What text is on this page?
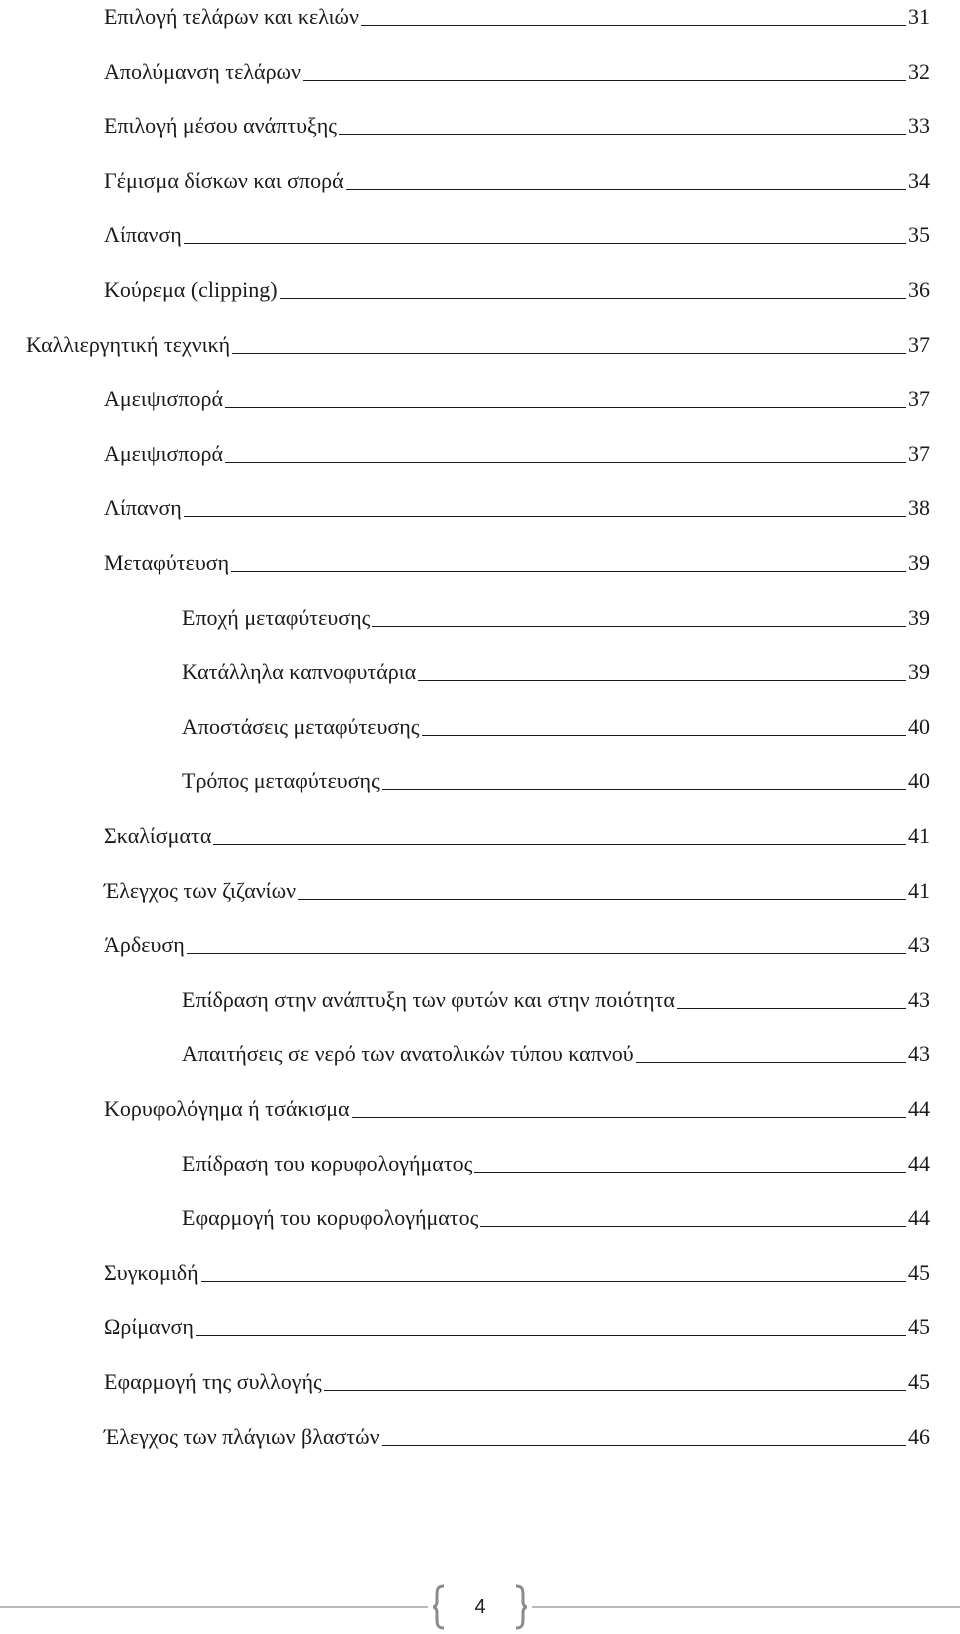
Επιλογή τελάρων και κελιών	31
Απολύμανση τελάρων	32
Επιλογή μέσου ανάπτυξης	33
Γέμισμα δίσκων και σπορά	34
Λίπανση	35
Κούρεμα (clipping)	36
Καλλιεργητική τεχνική	37
Αμειψισπορά	37
Αμειψισπορά	37
Λίπανση	38
Μεταφύτευση	39
Εποχή μεταφύτευσης	39
Κατάλληλα καπνοφυτάρια	39
Αποστάσεις μεταφύτευσης	40
Τρόπος μεταφύτευσης	40
Σκαλίσματα	41
Έλεγχος των ζιζανίων	41
Άρδευση	43
Επίδραση στην ανάπτυξη των φυτών και στην ποιότητα	43
Απαιτήσεις σε νερό των ανατολικών τύπου καπνού	43
Κορυφολόγημα ή τσάκισμα	44
Επίδραση του κορυφολογήματος	44
Εφαρμογή του κορυφολογήματος	44
Συγκομιδή	45
Ωρίμανση	45
Εφαρμογή της συλλογής	45
Έλεγχος των πλάγιων βλαστών	46
4
